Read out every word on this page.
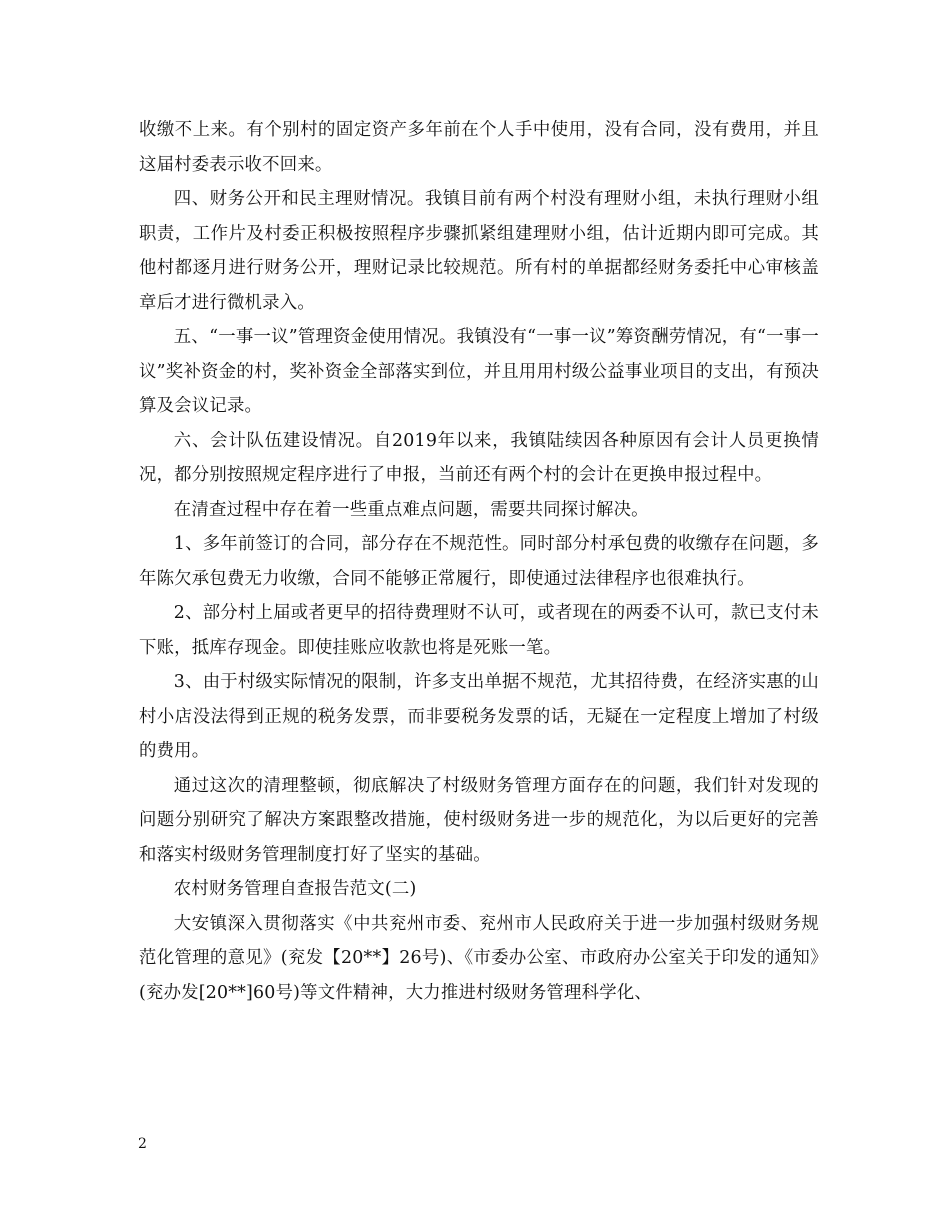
收缴不上来。有个别村的固定资产多年前在个人手中使用，没有合同，没有费用，并且这届村委表示收不回来。

四、财务公开和民主理财情况。我镇目前有两个村没有理财小组，未执行理财小组职责，工作片及村委正积极按照程序步骤抓紧组建理财小组，估计近期内即可完成。其他村都逐月进行财务公开，理财记录比较规范。所有村的单据都经财务委托中心审核盖章后才进行微机录入。

五、“一事一议”管理资金使用情况。我镇没有“一事一议”筹资酬劳情况，有“一事一议”奖补资金的村，奖补资金全部落实到位，并且用用村级公益事业项目的支出，有预决算及会议记录。

六、会计队伍建设情况。自2019年以来，我镇陆续因各种原因有会计人员更换情况，都分别按照规定程序进行了申报，当前还有两个村的会计在更换申报过程中。

在清查过程中存在着一些重点难点问题，需要共同探讨解决。

1、多年前签订的合同，部分存在不规范性。同时部分村承包费的收缴存在问题，多年陈欠承包费无力收缴，合同不能够正常履行，即使通过法律程序也很难执行。

2、部分村上届或者更早的招待费理财不认可，或者现在的两委不认可，款已支付未下账，抵库存现金。即使挂账应收款也将是死账一笔。

3、由于村级实际情况的限制，许多支出单据不规范，尤其招待费，在经济实惠的山村小店没法得到正规的税务发票，而非要税务发票的话，无疑在一定程度上增加了村级的费用。

通过这次的清理整顿，彻底解决了村级财务管理方面存在的问题，我们针对发现的问题分别研究了解决方案跟整改措施，使村级财务进一步的规范化，为以后更好的完善和落实村级财务管理制度打好了坚实的基础。

农村财务管理自查报告范文(二)

大安镇深入贯彻落实《中共兖州市委、兖州市人民政府关于进一步加强村级财务规范化管理的意见》(兖发【20**】26号)、《市委办公室、市政府办公室关于印发的通知》(兖办发[20**]60号)等文件精神，大力推进村级财务管理科学化、

2
